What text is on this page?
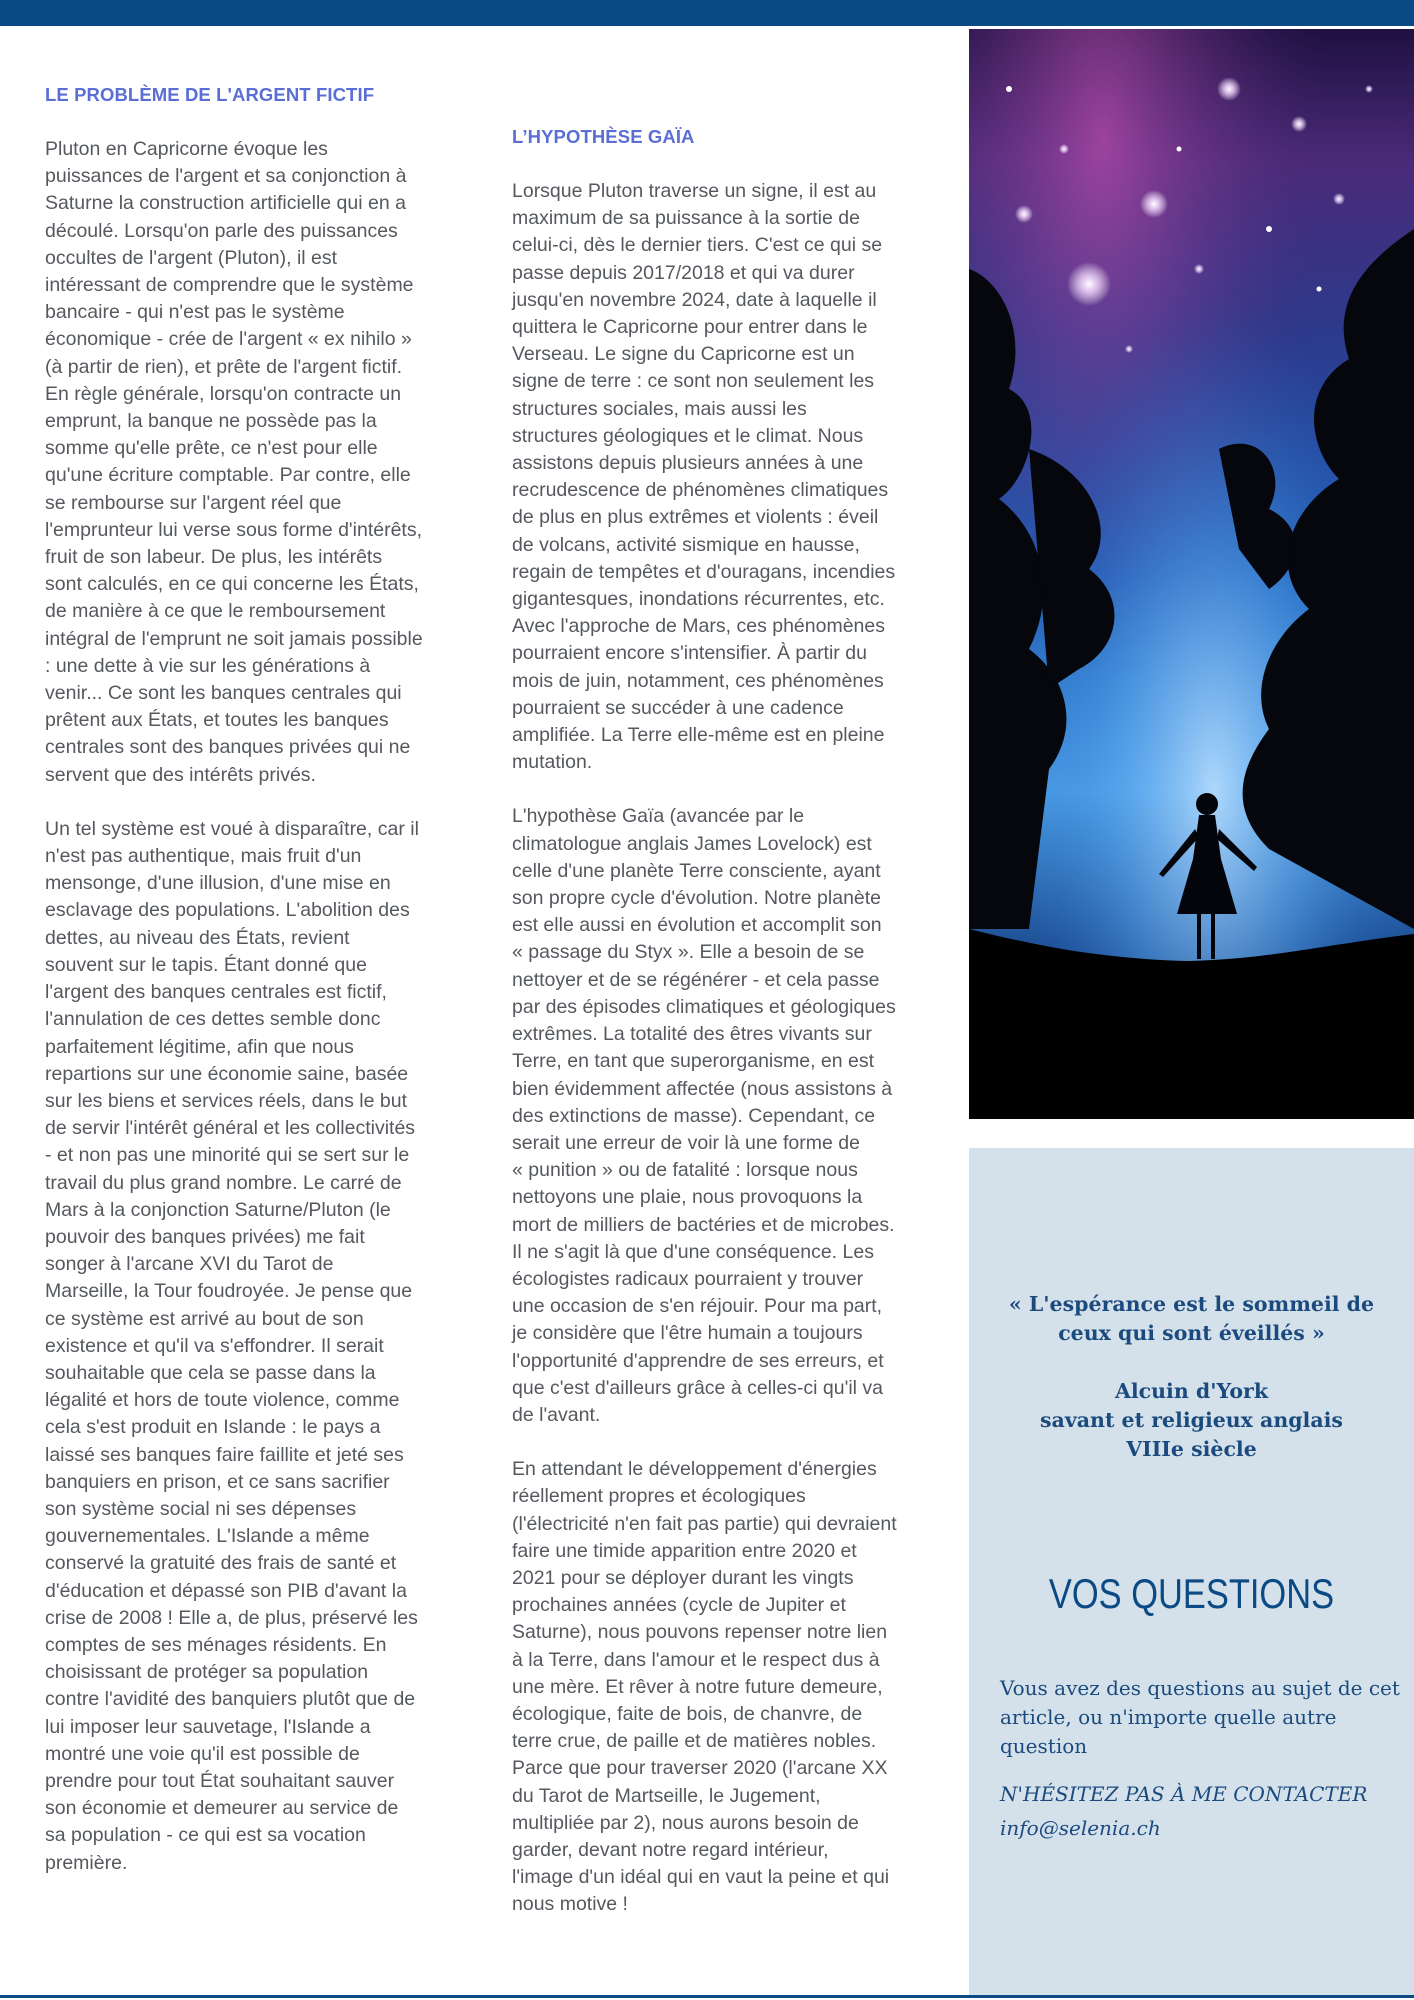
LE PROBLÈME DE L'ARGENT FICTIF
Pluton en Capricorne évoque les
puissances de l'argent et sa conjonction à
Saturne la construction artificielle qui en a
découlé. Lorsqu'on parle des puissances
occultes de l'argent (Pluton), il est
intéressant de comprendre que le système
bancaire - qui n'est pas le système
économique - crée de l'argent « ex nihilo »
(à partir de rien), et prête de l'argent fictif.
En règle générale, lorsqu'on contracte un
emprunt, la banque ne possède pas la
somme qu'elle prête, ce n'est pour elle
qu'une écriture comptable. Par contre, elle
se rembourse sur l'argent réel que
l'emprunteur lui verse sous forme d'intérêts,
fruit de son labeur. De plus, les intérêts
sont calculés, en ce qui concerne les États,
de manière à ce que le remboursement
intégral de l'emprunt ne soit jamais possible
: une dette à vie sur les générations à
venir... Ce sont les banques centrales qui
prêtent aux États, et toutes les banques
centrales sont des banques privées qui ne
servent que des intérêts privés.
Un tel système est voué à disparaître, car il
n'est pas authentique, mais fruit d'un
mensonge, d'une illusion, d'une mise en
esclavage des populations. L'abolition des
dettes, au niveau des États, revient
souvent sur le tapis. Étant donné que
l'argent des banques centrales est fictif,
l'annulation de ces dettes semble donc
parfaitement légitime, afin que nous
repartions sur une économie saine, basée
sur les biens et services réels, dans le but
de servir l'intérêt général et les collectivités
- et non pas une minorité qui se sert sur le
travail du plus grand nombre. Le carré de
Mars à la conjonction Saturne/Pluton (le
pouvoir des banques privées) me fait
songer à l'arcane XVI du Tarot de
Marseille, la Tour foudroyée. Je pense que
ce système est arrivé au bout de son
existence et qu'il va s'effondrer. Il serait
souhaitable que cela se passe dans la
légalité et hors de toute violence, comme
cela s'est produit en Islande : le pays a
laissé ses banques faire faillite et jeté ses
banquiers en prison, et ce sans sacrifier
son système social ni ses dépenses
gouvernementales. L'Islande a même
conservé la gratuité des frais de santé et
d'éducation et dépassé son PIB d'avant la
crise de 2008 ! Elle a, de plus, préservé les
comptes de ses ménages résidents. En
choisissant de protéger sa population
contre l'avidité des banquiers plutôt que de
lui imposer leur sauvetage, l'Islande a
montré une voie qu'il est possible de
prendre pour tout État souhaitant sauver
son économie et demeurer au service de
sa population - ce qui est sa vocation
première.
L’HYPOTHÈSE GAÏA
Lorsque Pluton traverse un signe, il est au
maximum de sa puissance à la sortie de
celui-ci, dès le dernier tiers. C'est ce qui se
passe depuis 2017/2018 et qui va durer
jusqu'en novembre 2024, date à laquelle il
quittera le Capricorne pour entrer dans le
Verseau. Le signe du Capricorne est un
signe de terre : ce sont non seulement les
structures sociales, mais aussi les
structures géologiques et le climat. Nous
assistons depuis plusieurs années à une
recrudescence de phénomènes climatiques
de plus en plus extrêmes et violents : éveil
de volcans, activité sismique en hausse,
regain de tempêtes et d'ouragans, incendies
gigantesques, inondations récurrentes, etc.
Avec l'approche de Mars, ces phénomènes
pourraient encore s'intensifier. À partir du
mois de juin, notamment, ces phénomènes
pourraient se succéder à une cadence
amplifiée. La Terre elle-même est en pleine
mutation.
L'hypothèse Gaïa (avancée par le
climatologue anglais James Lovelock) est
celle d'une planète Terre consciente, ayant
son propre cycle d'évolution. Notre planète
est elle aussi en évolution et accomplit son
« passage du Styx ». Elle a besoin de se
nettoyer et de se régénérer - et cela passe
par des épisodes climatiques et géologiques
extrêmes. La totalité des êtres vivants sur
Terre, en tant que superorganisme, en est
bien évidemment affectée (nous assistons à
des extinctions de masse). Cependant, ce
serait une erreur de voir là une forme de
« punition » ou de fatalité : lorsque nous
nettoyons une plaie, nous provoquons la
mort de milliers de bactéries et de microbes.
Il ne s'agit là que d'une conséquence. Les
écologistes radicaux pourraient y trouver
une occasion de s'en réjouir. Pour ma part,
je considère que l'être humain a toujours
l'opportunité d'apprendre de ses erreurs, et
que c'est d'ailleurs grâce à celles-ci qu'il va
de l'avant.
En attendant le développement d'énergies
réellement propres et écologiques
(l'électricité n'en fait pas partie) qui devraient
faire une timide apparition entre 2020 et
2021 pour se déployer durant les vingts
prochaines années (cycle de Jupiter et
Saturne), nous pouvons repenser notre lien
à la Terre, dans l'amour et le respect dus à
une mère. Et rêver à notre future demeure,
écologique, faite de bois, de chanvre, de
terre crue, de paille et de matières nobles.
Parce que pour traverser 2020 (l'arcane XX
du Tarot de Martseille, le Jugement,
multipliée par 2), nous aurons besoin de
garder, devant notre regard intérieur,
l'image d'un idéal qui en vaut la peine et qui
nous motive !
« L'espérance est le sommeil de
ceux qui sont éveillés »
Alcuin d'York
savant et religieux anglais
VIIIe siècle
VOS QUESTIONS
Vous avez des questions au sujet de cet article, ou n'importe quelle autre question
N'HÉSITEZ PAS À ME CONTACTER
info@selenia.ch
